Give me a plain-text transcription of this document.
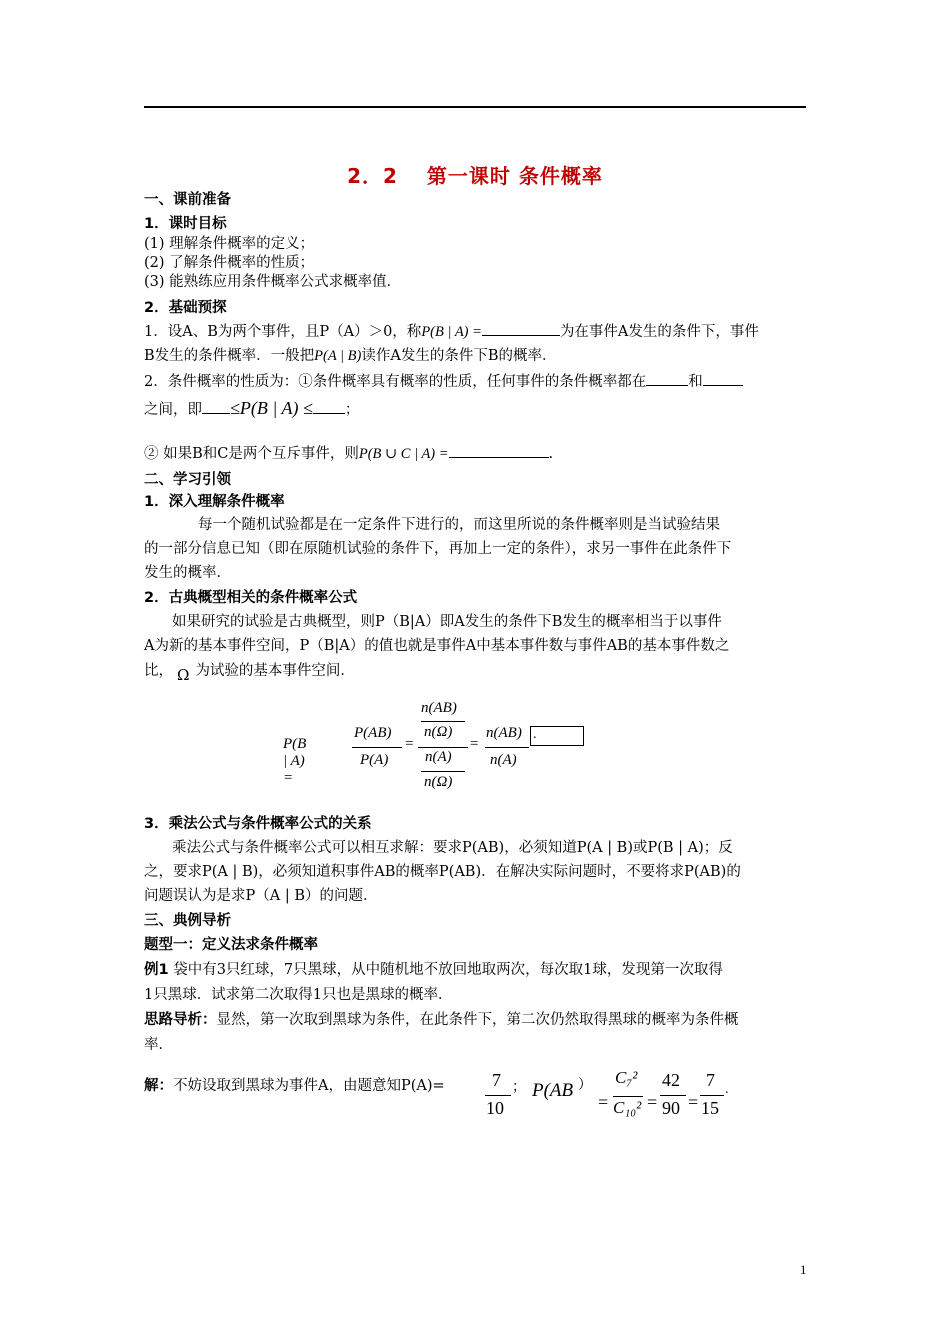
2．2　 第一课时 条件概率
一、课前准备
1．课时目标
(1) 理解条件概率的定义；
(2) 了解条件概率的性质；
(3) 能熟练应用条件概率公式求概率值．
2．基础预探
1．设A、B为两个事件，且P（A）＞0，称P(B | A) =	为在事件A发生的条件下，事件
B发生的条件概率．一般把P(A | B)读作A发生的条件下B的概率．
2．条件概率的性质为：①条件概率具有概率的性质，任何事件的条件概率都在	和
之间，即 ≤P(B | A) ≤ ；
② 如果B和C是两个互斥事件，则P(B ∪ C | A) =	.
二、学习引领
1．深入理解条件概率
每一个随机试验都是在一定条件下进行的，而这里所说的条件概率则是当试验结果
的一部分信息已知（即在原随机试验的条件下，再加上一定的条件），求另一事件在此条件下
发生的概率．
2．古典概型相关的条件概率公式
如果研究的试验是古典概型，则P（B|A）即A发生的条件下B发生的概率相当于以事件
A为新的基本事件空间，P（B|A）的值也就是事件A中基本事件数与事件AB的基本事件数之
比， Ω 为试验的基本事件空间．
P(B | A) =
P(AB)
P(A)
=
n(AB)
n(Ω)
n(A)
n(Ω)
=
n(AB)
n(A)
.
3．乘法公式与条件概率公式的关系
乘法公式与条件概率公式可以相互求解：要求P(AB)，必须知道P(A | B)或P(B | A)；反
之，要求P(A | B)，必须知道积事件AB的概率P(AB)．在解决实际问题时，不要将求P(AB)的
问题误认为是求P（A | B）的问题．
三、典例导析
题型一：定义法求条件概率
例1 袋中有3只红球，7只黑球，从中随机地不放回地取两次，每次取1球，发现第一次取得
1只黑球．试求第二次取得1只也是黑球的概率．
思路导析：显然，第一次取到黑球为条件，在此条件下，第二次仍然取得黑球的概率为条件概
率．
解：不妨设取到黑球为事件A，由题意知P(A)=	7
10
； P(AB ）
=
C₇²
C₁₀² =
42
90 =
7
15
.
1
